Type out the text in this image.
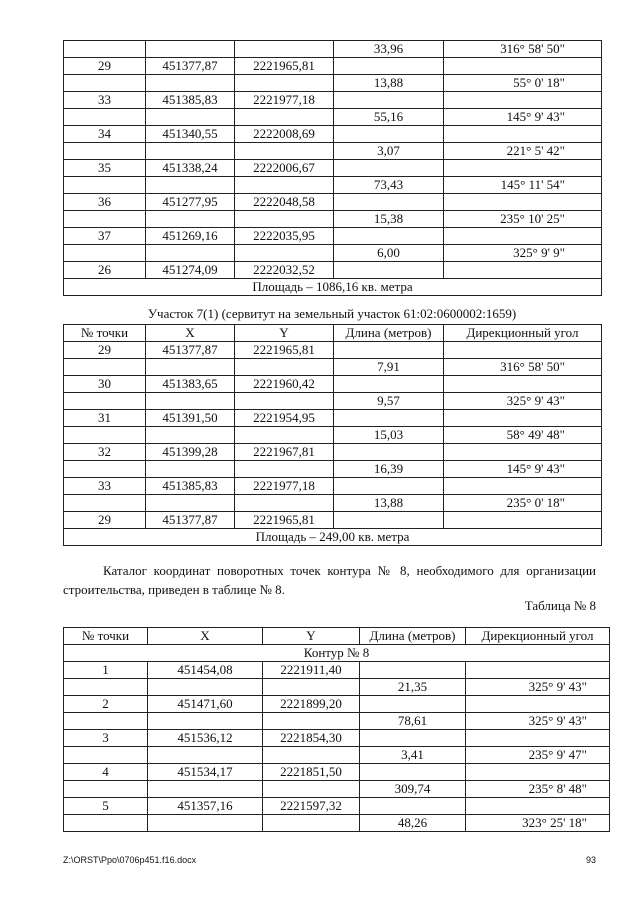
			33,96	316° 58' 50"
29	451377,87	2221965,81		
			13,88	55° 0' 18"
33	451385,83	2221977,18		
			55,16	145° 9' 43"
34	451340,55	2222008,69		
			3,07	221° 5' 42"
35	451338,24	2222006,67		
			73,43	145° 11' 54"
36	451277,95	2222048,58		
			15,38	235° 10' 25"
37	451269,16	2222035,95		
			6,00	325° 9' 9"
26	451274,09	2222032,52		
Площадь – 1086,16 кв. метра				
Участок 7(1) (сервитут на земельный участок 61:02:0600002:1659)
№ точки	X	Y	Длина (метров)	Дирекционный угол
29	451377,87	2221965,81		
			7,91	316° 58' 50"
30	451383,65	2221960,42		
			9,57	325° 9' 43"
31	451391,50	2221954,95		
			15,03	58° 49' 48"
32	451399,28	2221967,81		
			16,39	145° 9' 43"
33	451385,83	2221977,18		
			13,88	235° 0' 18"
29	451377,87	2221965,81		
Площадь – 249,00 кв. метра				
Каталог координат поворотных точек контура № 8, необходимого для организации строительства, приведен в таблице № 8.
Таблица № 8
№ точки	X	Y	Длина (метров)	Дирекционный угол
Контур № 8				
1	451454,08	2221911,40		
			21,35	325° 9' 43"
2	451471,60	2221899,20		
			78,61	325° 9' 43"
3	451536,12	2221854,30		
			3,41	235° 9' 47"
4	451534,17	2221851,50		
			309,74	235° 8' 48"
5	451357,16	2221597,32		
			48,26	323° 25' 18"
Z:\ORST\Ppo\0706p451.f16.docx	93
